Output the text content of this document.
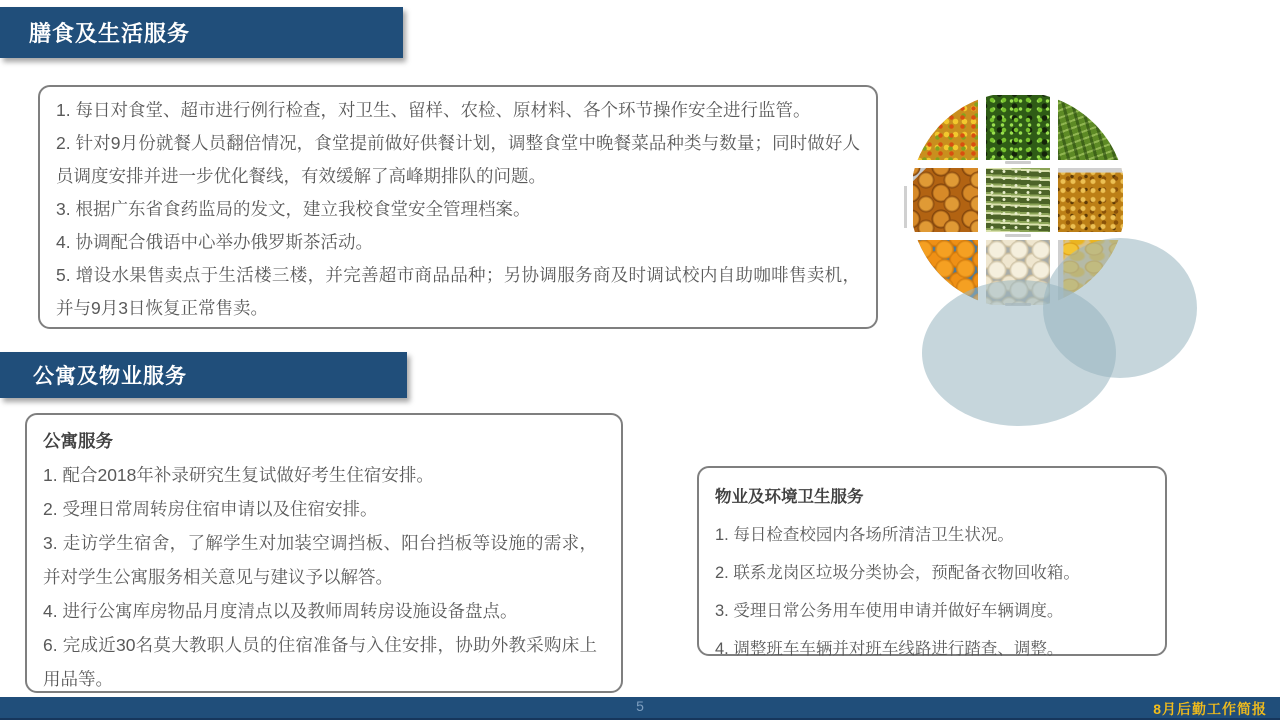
膳食及生活服务

1. 每日对食堂、超市进行例行检查，对卫生、留样、农检、原材料、各个环节操作安全进行监管。

2. 针对9月份就餐人员翻倍情况，食堂提前做好供餐计划，调整食堂中晚餐菜品种类与数量；同时做好人员调度安排并进一步优化餐线，有效缓解了高峰期排队的问题。

3. 根据广东省食药监局的发文，建立我校食堂安全管理档案。

4. 协调配合俄语中心举办俄罗斯茶活动。

5. 增设水果售卖点于生活楼三楼，并完善超市商品品种；另协调服务商及时调试校内自助咖啡售卖机，并与9月3日恢复正常售卖。

公寓及物业服务

公寓服务

1. 配合2018年补录研究生复试做好考生住宿安排。

2. 受理日常周转房住宿申请以及住宿安排。

3. 走访学生宿舍，了解学生对加装空调挡板、阳台挡板等设施的需求，并对学生公寓服务相关意见与建议予以解答。

4. 进行公寓库房物品月度清点以及教师周转房设施设备盘点。

6. 完成近30名莫大教职人员的住宿准备与入住安排，协助外教采购床上用品等。

物业及环境卫生服务

1. 每日检查校园内各场所清洁卫生状况。

2. 联系龙岗区垃圾分类协会，预配备衣物回收箱。

3. 受理日常公务用车使用申请并做好车辆调度。

4. 调整班车车辆并对班车线路进行踏查、调整。

8月后勤工作简报
5
